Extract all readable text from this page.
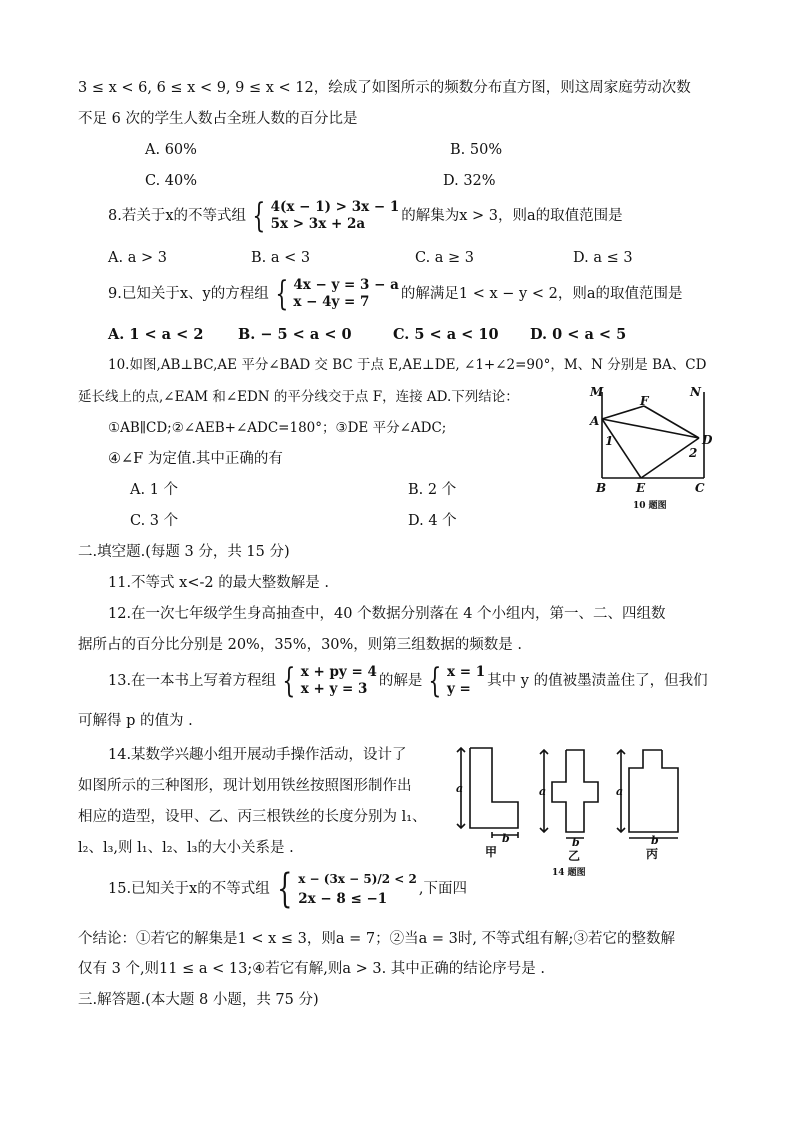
3 ≤ x < 6, 6 ≤ x < 9, 9 ≤ x < 12，绘成了如图所示的频数分布直方图，则这周家庭劳动次数
不足 6 次的学生人数占全班人数的百分比是
A. 60%	B. 50%
C. 40%	D. 32%
8.若关于x的不等式组 { 4(x − 1) > 3x − 1
5x > 3x + 2a	的解集为x > 3，则a的取值范围是
A. a > 3	B. a < 3	C. a ≥ 3	D. a ≤ 3
9.已知关于x、y的方程组 { 4x − y = 3 − a
x − 4y = 7	的解满足1 < x − y < 2，则a的取值范围是
A. 1 < a < 2 B. − 5 < a < 0	C. 5 < a < 10 D. 0 < a < 5
10.如图,AB⊥BC,AE 平分∠BAD 交 BC 于点 E,AE⊥DE, ∠1+∠2=90°，M、N 分别是 BA、CD
延长线上的点,∠EAM 和∠EDN 的平分线交于点 F，连接 AD.下列结论：
①AB∥CD;②∠AEB+∠ADC=180°；③DE 平分∠ADC;
④∠F 为定值.其中正确的有
A. 1 个	B. 2 个
C. 3 个	D. 4 个
M	N
F
A
D
1
2
B E	C
10 题图
二.填空题.(每题 3 分，共 15 分)
11.不等式 x<-2 的最大整数解是 .
12.在一次七年级学生身高抽查中，40 个数据分别落在 4 个小组内，第一、二、四组数
据所占的百分比分别是 20%，35%，30%，则第三组数据的频数是 .
13.在一本书上写着方程组 { x + py = 4
x + y = 3 的解是 { x = 1
y =	其中 y 的值被墨渍盖住了，但我们
可解得 p 的值为 .
14.某数学兴趣小组开展动手操作活动，设计了
如图所示的三种图形，现计划用铁丝按照图形制作出
相应的造型，设甲、乙、丙三根铁丝的长度分别为 l₁、
l₂、l₃,则 l₁、l₂、l₃的大小关系是 .
a
b
a
b
a
b
甲	乙	丙
14 题图
15.已知关于x的不等式组 { x − (3x − 5)/2 < 2
2x − 8 ≤ −1
,下面四
个结论：①若它的解集是1 < x ≤ 3，则a = 7；②当a = 3时, 不等式组有解;③若它的整数解
仅有 3 个,则11 ≤ a < 13;④若它有解,则a > 3. 其中正确的结论序号是 .
三.解答题.(本大题 8 小题，共 75 分)
